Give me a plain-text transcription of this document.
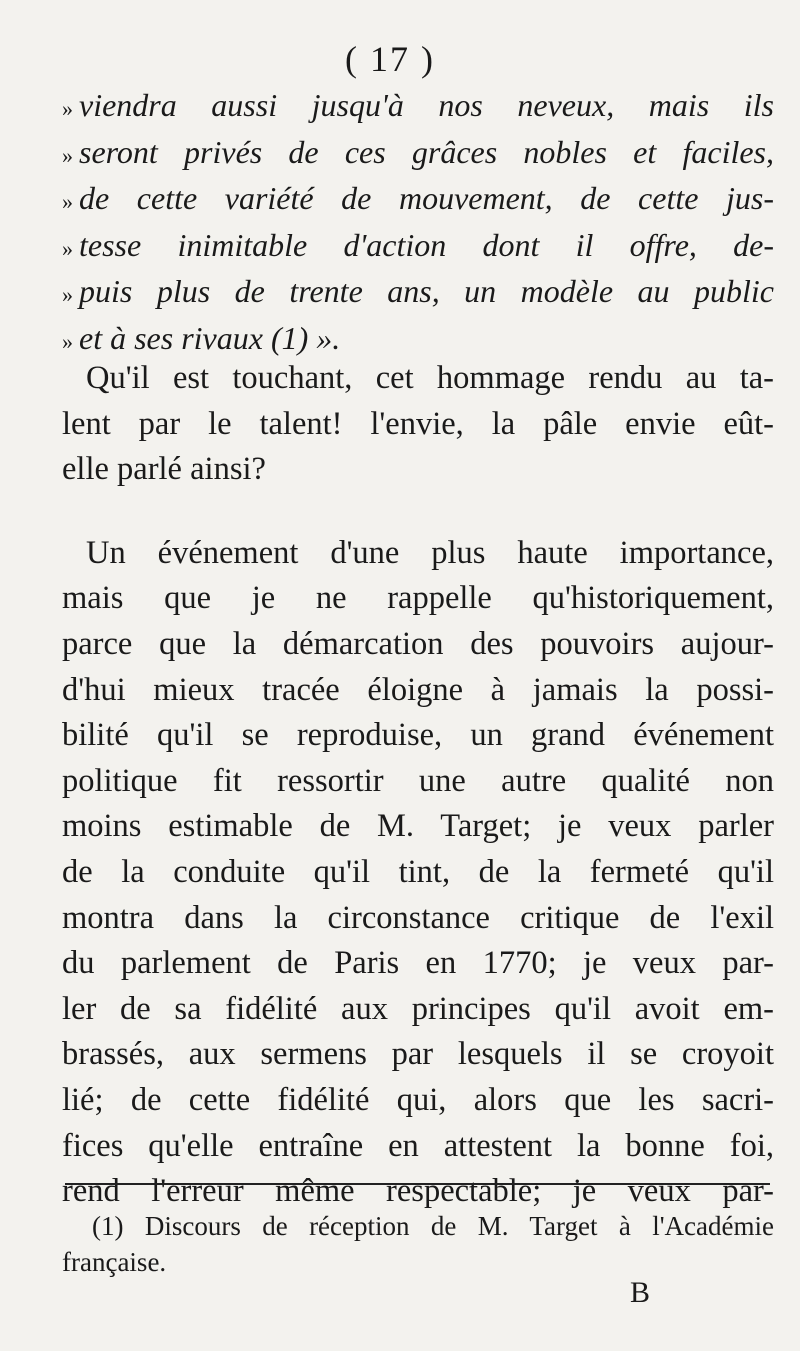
( 17 )
» viendra aussi jusqu'à nos neveux, mais ils
» seront privés de ces grâces nobles et faciles,
» de cette variété de mouvement, de cette jus-
» tesse inimitable d'action dont il offre, de-
» puis plus de trente ans, un modèle au public
» et à ses rivaux (1) ».
Qu'il est touchant, cet hommage rendu au ta-
lent par le talent! l'envie, la pâle envie eût-
elle parlé ainsi?
Un événement d'une plus haute importance,
mais que je ne rappelle qu'historiquement,
parce que la démarcation des pouvoirs aujour-
d'hui mieux tracée éloigne à jamais la possi-
bilité qu'il se reproduise, un grand événement
politique fit ressortir une autre qualité non
moins estimable de M. Target; je veux parler
de la conduite qu'il tint, de la fermeté qu'il
montra dans la circonstance critique de l'exil
du parlement de Paris en 1770; je veux par-
ler de sa fidélité aux principes qu'il avoit em-
brassés, aux sermens par lesquels il se croyoit
lié; de cette fidélité qui, alors que les sacri-
fices qu'elle entraîne en attestent la bonne foi,
rend l'erreur même respectable; je veux par-
(1) Discours de réception de M. Target à l'Académie
française.
B
